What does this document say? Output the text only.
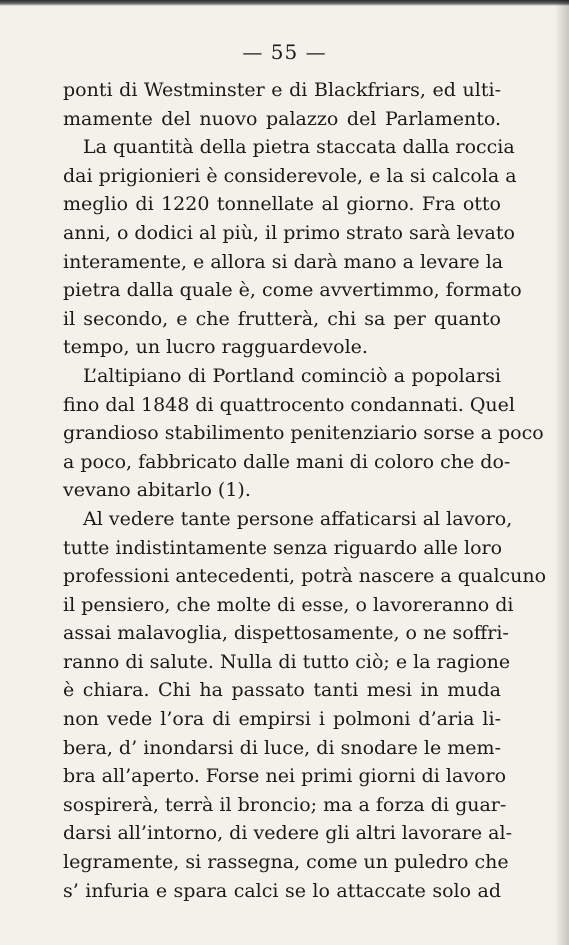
— 55 —
ponti di Westminster e di Blackfriars, ed ulti-
mamente del nuovo palazzo del Parlamento.
La quantità della pietra staccata dalla roccia
dai prigionieri è considerevole, e la si calcola a
meglio di 1220 tonnellate al giorno. Fra otto
anni, o dodici al più, il primo strato sarà levato
interamente, e allora si darà mano a levare la
pietra dalla quale è, come avvertimmo, formato
il secondo, e che frutterà, chi sa per quanto
tempo, un lucro ragguardevole.
L’altipiano di Portland cominciò a popolarsi
fino dal 1848 di quattrocento condannati. Quel
grandioso stabilimento penitenziario sorse a poco
a poco, fabbricato dalle mani di coloro che do-
vevano abitarlo (1).
Al vedere tante persone affaticarsi al lavoro,
tutte indistintamente senza riguardo alle loro
professioni antecedenti, potrà nascere a qualcuno
il pensiero, che molte di esse, o lavoreranno di
assai malavoglia, dispettosamente, o ne soffri-
ranno di salute. Nulla di tutto ciò; e la ragione
è chiara. Chi ha passato tanti mesi in muda
non vede l’ora di empirsi i polmoni d’aria li-
bera, d’ inondarsi di luce, di snodare le mem-
bra all’aperto. Forse nei primi giorni di lavoro
sospirerà, terrà il broncio; ma a forza di guar-
darsi all’intorno, di vedere gli altri lavorare al-
legramente, si rassegna, come un puledro che
s’ infuria e spara calci se lo attaccate solo ad
